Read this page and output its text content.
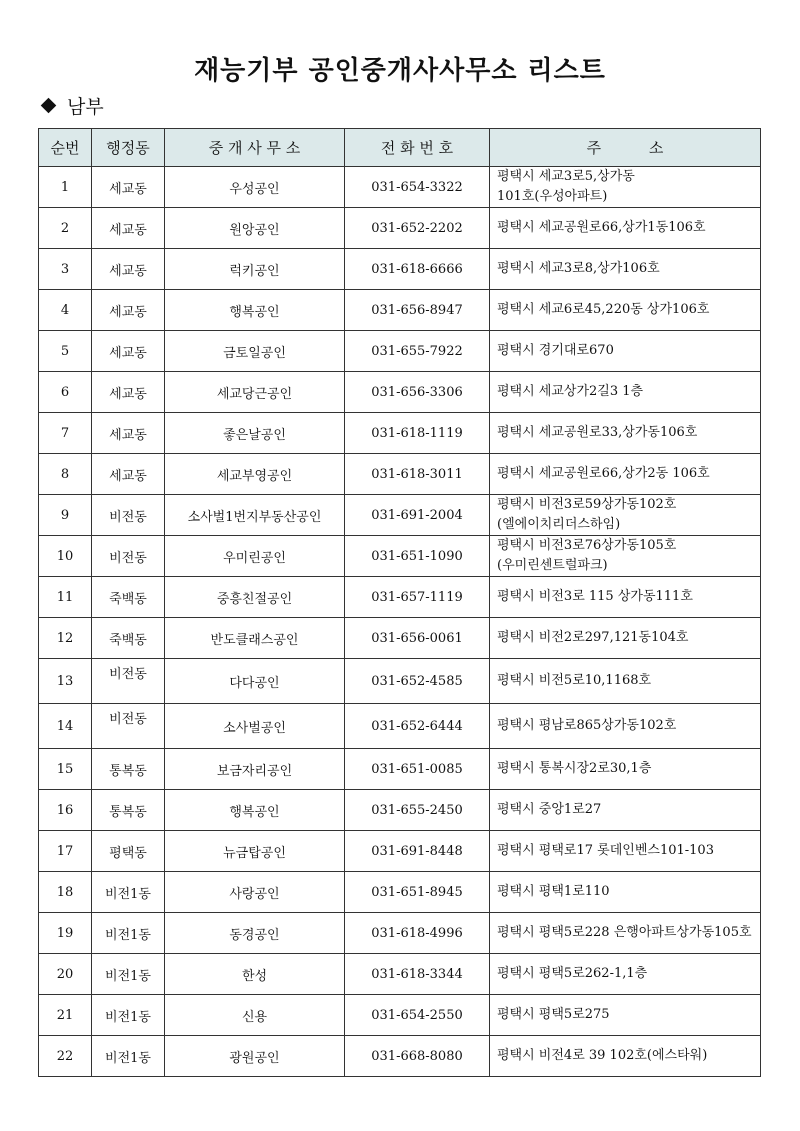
재능기부 공인중개사사무소 리스트
남부
순번	행정동	중 개 사 무 소	전 화 번 호	주          소
1	세교동	우성공인	031-654-3322	평택시 세교3로5,상가동
101호(우성아파트)
2	세교동	원앙공인	031-652-2202	평택시 세교공원로66,상가1동106호
3	세교동	럭키공인	031-618-6666	평택시 세교3로8,상가106호
4	세교동	행복공인	031-656-8947	평택시 세교6로45,220동 상가106호
5	세교동	금토일공인	031-655-7922	평택시 경기대로670
6	세교동	세교당근공인	031-656-3306	평택시 세교상가2길3 1층
7	세교동	좋은날공인	031-618-1119	평택시 세교공원로33,상가동106호
8	세교동	세교부영공인	031-618-3011	평택시 세교공원로66,상가2동 106호
9	비전동	소사벌1번지부동산공인	031-691-2004	평택시 비전3로59상가동102호
(엘에이치리더스하임)
10	비전동	우미린공인	031-651-1090	평택시 비전3로76상가동105호
(우미린센트럴파크)
11	죽백동	중흥친절공인	031-657-1119	평택시 비전3로 115 상가동111호
12	죽백동	반도클래스공인	031-656-0061	평택시 비전2로297,121동104호
13	비전동	다다공인	031-652-4585	평택시 비전5로10,1168호
14	비전동	소사벌공인	031-652-6444	평택시 평남로865상가동102호
15	통복동	보금자리공인	031-651-0085	평택시 통복시장2로30,1층
16	통복동	행복공인	031-655-2450	평택시 중앙1로27
17	평택동	뉴금탑공인	031-691-8448	평택시 평택로17 롯데인벤스101-103
18	비전1동	사랑공인	031-651-8945	평택시 평택1로110
19	비전1동	동경공인	031-618-4996	평택시 평택5로228 은행아파트상가동105호
20	비전1동	한성	031-618-3344	평택시 평택5로262-1,1층
21	비전1동	신용	031-654-2550	평택시 평택5로275
22	비전1동	광원공인	031-668-8080	평택시 비전4로 39 102호(에스타워)
